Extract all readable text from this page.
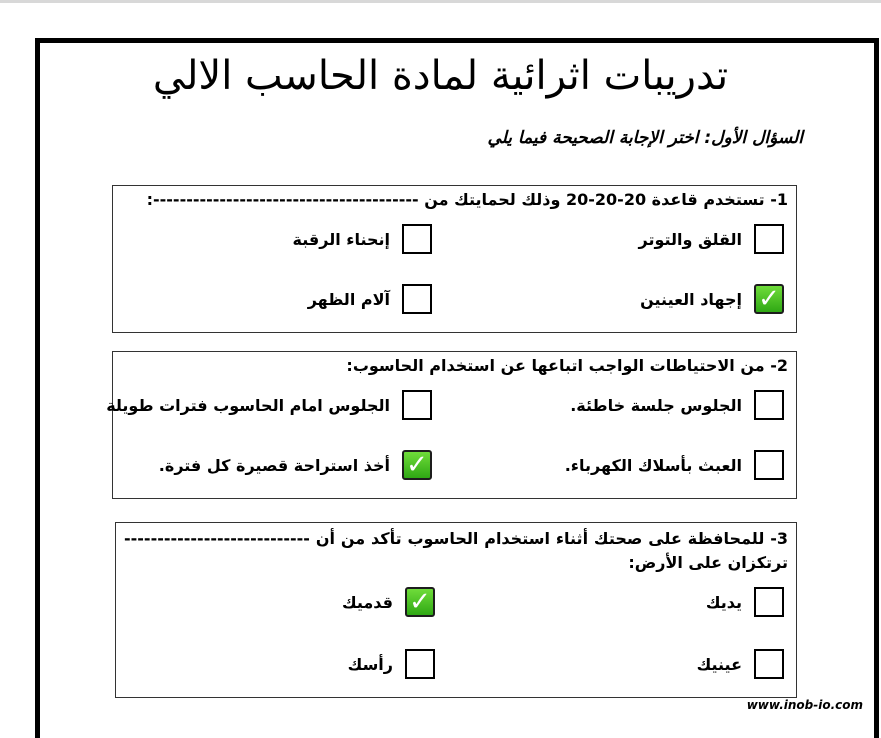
تدريبات اثرائية لمادة الحاسب الالي
السؤال الأول: اختر الإجابة الصحيحة فيما يلي
1- تستخدم قاعدة 20-20-20 وذلك لحمايتك من ----------------------------------------:
القلق والتوتر
إنحناء الرقبة
✓
إجهاد العينين
آلام الظهر
2- من الاحتياطات الواجب اتباعها عن استخدام الحاسوب:
الجلوس جلسة خاطئة.
الجلوس امام الحاسوب فترات طويلة
العبث بأسلاك الكهرباء.
✓
أخذ استراحة قصيرة كل فترة.
3- للمحافظة على صحتك أثناء استخدام الحاسوب تأكد من أن ---------------------------- ترتكزان على الأرض:
يديك
✓
قدميك
عينيك
رأسك
www.inob-io.com
